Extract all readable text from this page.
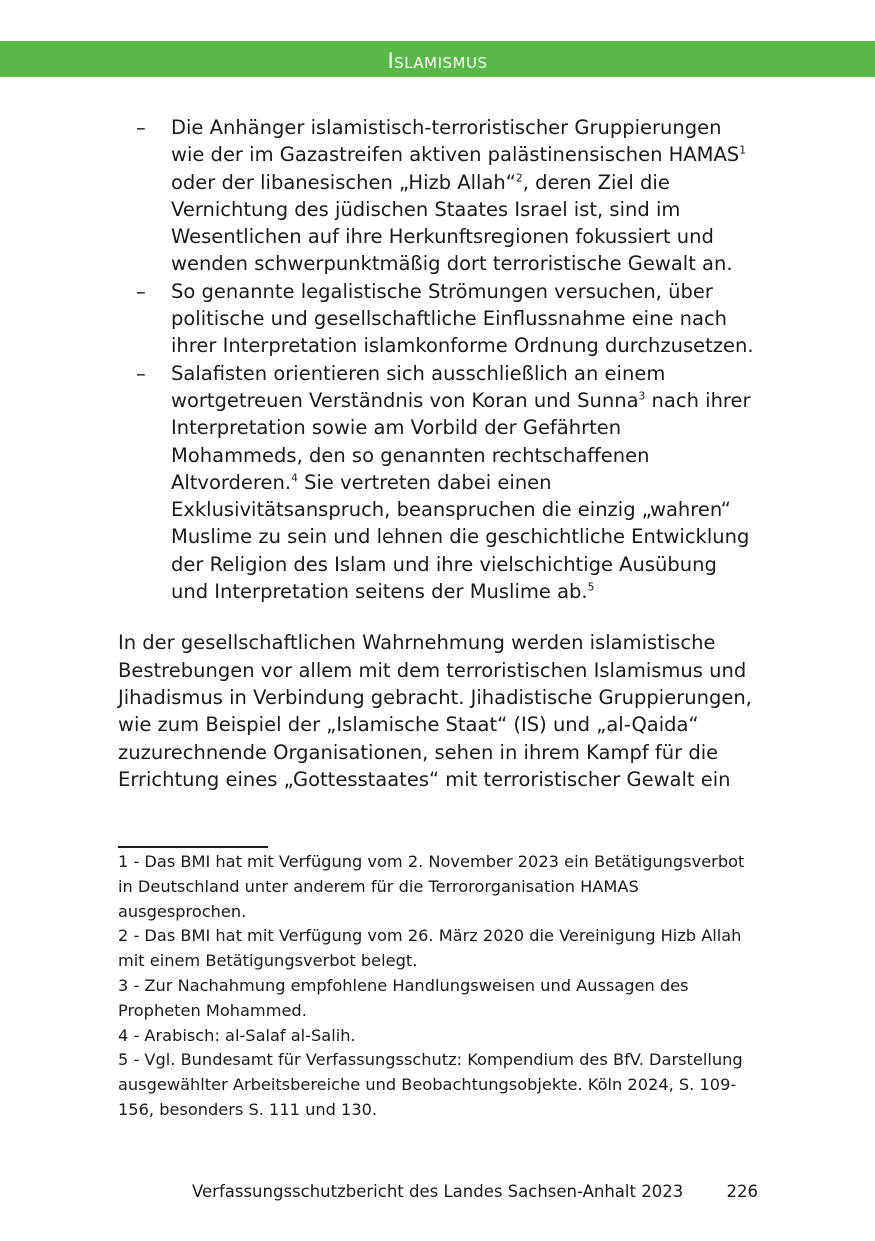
Islamismus
– Die Anhänger islamistisch-terroristischer Gruppierungen wie der im Gazastreifen aktiven palästinensischen HAMAS$^1$ oder der libanesischen „Hizb Allah“$^2$, deren Ziel die Vernichtung des jüdischen Staates Israel ist, sind im Wesentlichen auf ihre Herkunftsregionen fokussiert und wenden schwerpunktmäßig dort terroristische Gewalt an.
– So genannte legalistische Strömungen versuchen, über politische und gesellschaftliche Einflussnahme eine nach ihrer Interpretation islamkonforme Ordnung durchzusetzen.
– Salafisten orientieren sich ausschließlich an einem wortgetreuen Verständnis von Koran und Sunna$^3$ nach ihrer Interpretation sowie am Vorbild der Gefährten Mohammeds, den so genannten rechtschaffenen Altvorderen.$^4$ Sie vertreten dabei einen Exklusivitätsanspruch, beanspruchen die einzig „wahren“ Muslime zu sein und lehnen die geschichtliche Entwicklung der Religion des Islam und ihre vielschichtige Ausübung und Interpretation seitens der Muslime ab.$^5$

In der gesellschaftlichen Wahrnehmung werden islamistische Bestrebungen vor allem mit dem terroristischen Islamismus und Jihadismus in Verbindung gebracht. Jihadistische Gruppierungen, wie zum Beispiel der „Islamische Staat“ (IS) und „al-Qaida“ zuzurechnende Organisationen, sehen in ihrem Kampf für die Errichtung eines „Gottesstaates“ mit terroristischer Gewalt ein

1 - Das BMI hat mit Verfügung vom 2. November 2023 ein Betätigungsverbot in Deutschland unter anderem für die Terrororganisation HAMAS ausgesprochen.
2 - Das BMI hat mit Verfügung vom 26. März 2020 die Vereinigung Hizb Allah mit einem Betätigungsverbot belegt.
3 - Zur Nachahmung empfohlene Handlungsweisen und Aussagen des Propheten Mohammed.
4 - Arabisch: al-Salaf al-Salih.
5 - Vgl. Bundesamt für Verfassungsschutz: Kompendium des BfV. Darstellung ausgewählter Arbeitsbereiche und Beobachtungsobjekte. Köln 2024, S. 109-156, besonders S. 111 und 130.
Verfassungsschutzbericht des Landes Sachsen-Anhalt 2023	226
